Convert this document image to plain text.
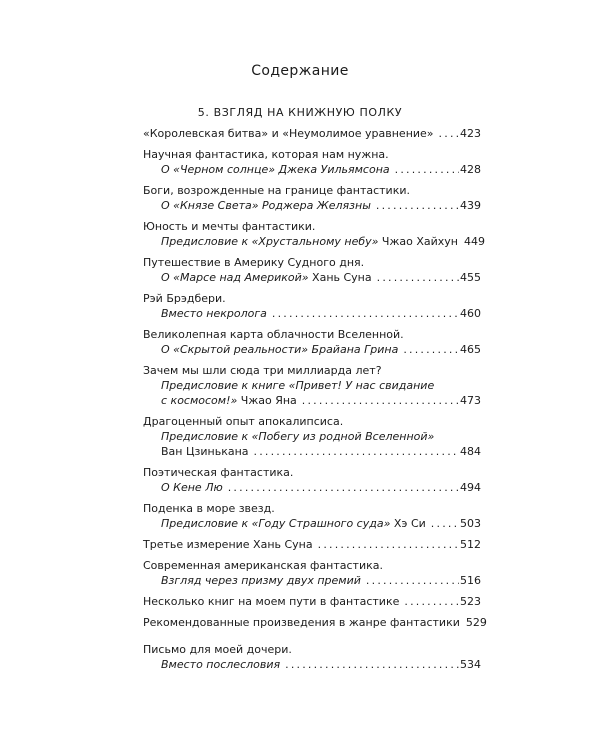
Содержание
5. ВЗГЛЯД НА КНИЖНУЮ ПОЛКУ
«Королевская битва» и «Неумолимое уравнение» ..... 423
Научная фантастика, которая нам нужна.
О «Черном солнце» Джека Уильямсона .....	428
Боги, возрожденные на границе фантастики.
О «Князе Света» Роджера Желязны .....	439
Юность и мечты фантастики.
Предисловие к «Хрустальному небу» Чжао Хайхун 449
Путешествие в Америку Судного дня.
О «Марсе над Америкой» Хань Суна .....	455
Рэй Брэдбери.
Вместо некролога .....	460
Великолепная карта облачности Вселенной.
О «Скрытой реальности» Брайана Грина .....	465
Зачем мы шли сюда три миллиарда лет?
Предисловие к книге «Привет! У нас свидание
с космосом!» Чжао Яна .....	473
Драгоценный опыт апокалипсиса.
Предисловие к «Побегу из родной Вселенной»
Ван Цзинькана .....	484
Поэтическая фантастика.
О Кене Лю .....	494
Поденка в море звезд.
Предисловие к «Году Страшного суда» Хэ Си .....	503
Третье измерение Хань Суна .....	512
Современная американская фантастика.
Взгляд через призму двух премий .....	516
Несколько книг на моем пути в фантастике .....	523
Рекомендованные произведения в жанре фантастики 529
Письмо для моей дочери.
Вместо послесловия .....	534
